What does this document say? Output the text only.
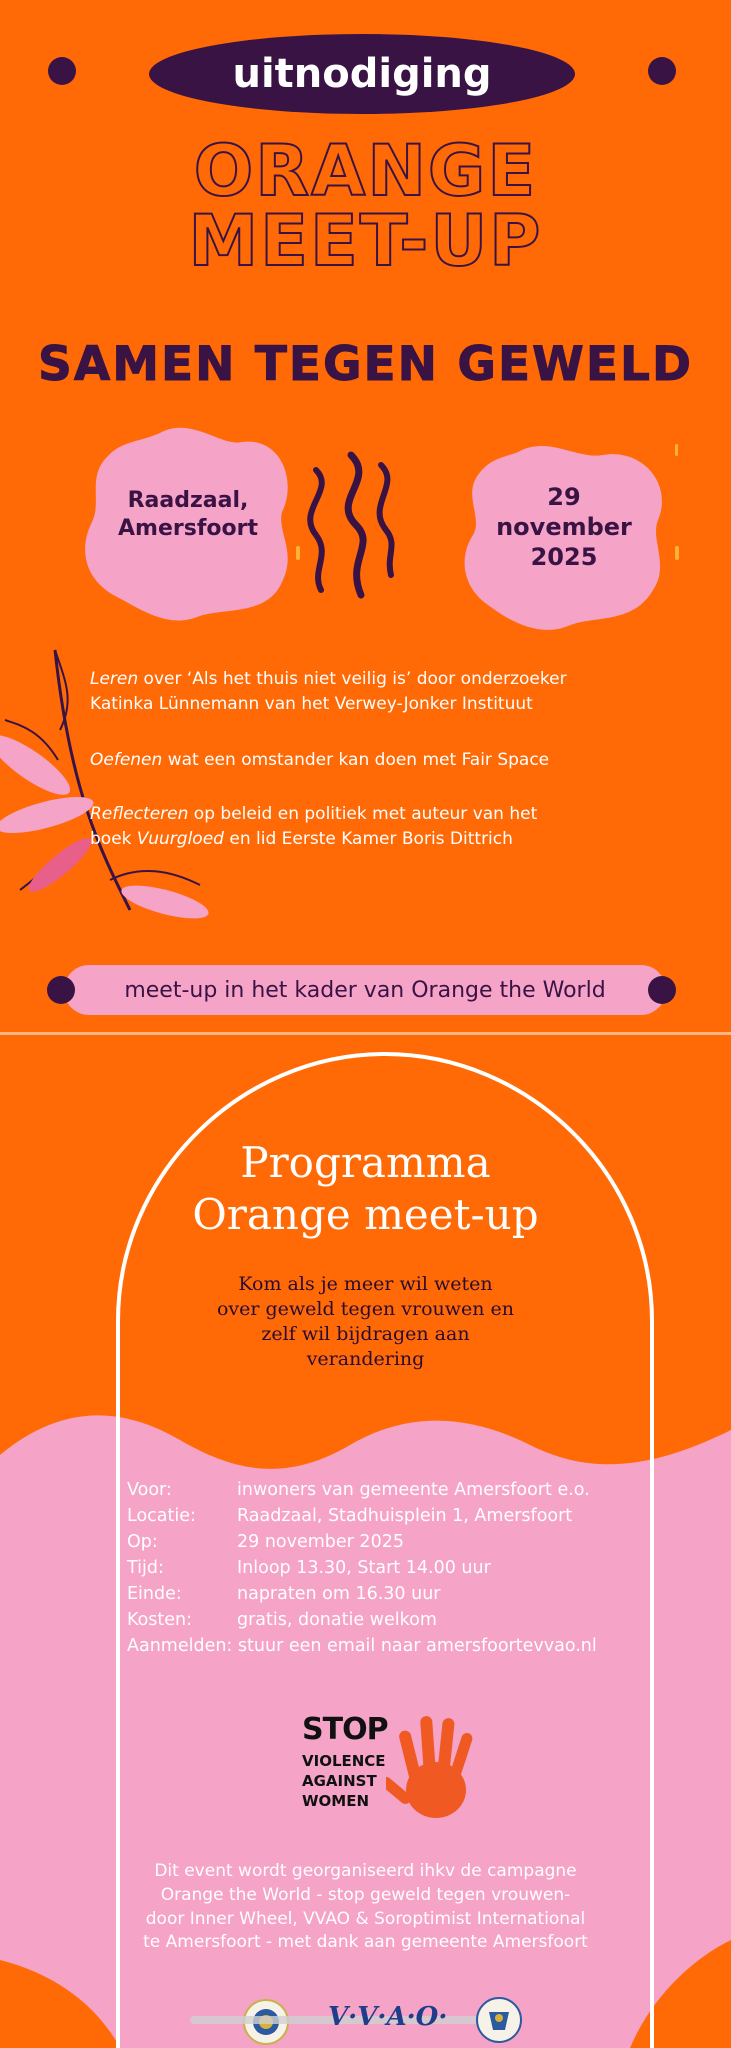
uitnodiging
ORANGE
MEET-UP
SAMEN TEGEN GEWELD
Raadzaal,
Amersfoort
29
november
2025
Leren over ‘Als het thuis niet veilig is’ door onderzoeker
Katinka Lünnemann van het Verwey-Jonker Instituut
Oefenen wat een omstander kan doen met Fair Space
Reflecteren op beleid en politiek met auteur van het
boek Vuurgloed en lid Eerste Kamer Boris Dittrich
meet-up in het kader van Orange the World
Programma
Orange meet-up
Kom als je meer wil weten
over geweld tegen vrouwen en
zelf wil bijdragen aan
verandering
Voor:	inwoners van gemeente Amersfoort e.o.
Locatie: Raadzaal, Stadhuisplein 1, Amersfoort
Op:	29 november 2025
Tijd:	Inloop 13.30, Start 14.00 uur
Einde:	napraten om 16.30 uur
Kosten:	gratis, donatie welkom
Aanmelden: stuur een email naar amersfoortevvao.nl
STOP
VIOLENCE
AGAINST
WOMEN
Dit event wordt georganiseerd ihkv de campagne
Orange the World - stop geweld tegen vrouwen-
door Inner Wheel, VVAO & Soroptimist International
te Amersfoort - met dank aan gemeente Amersfoort
V·V·A·O·
